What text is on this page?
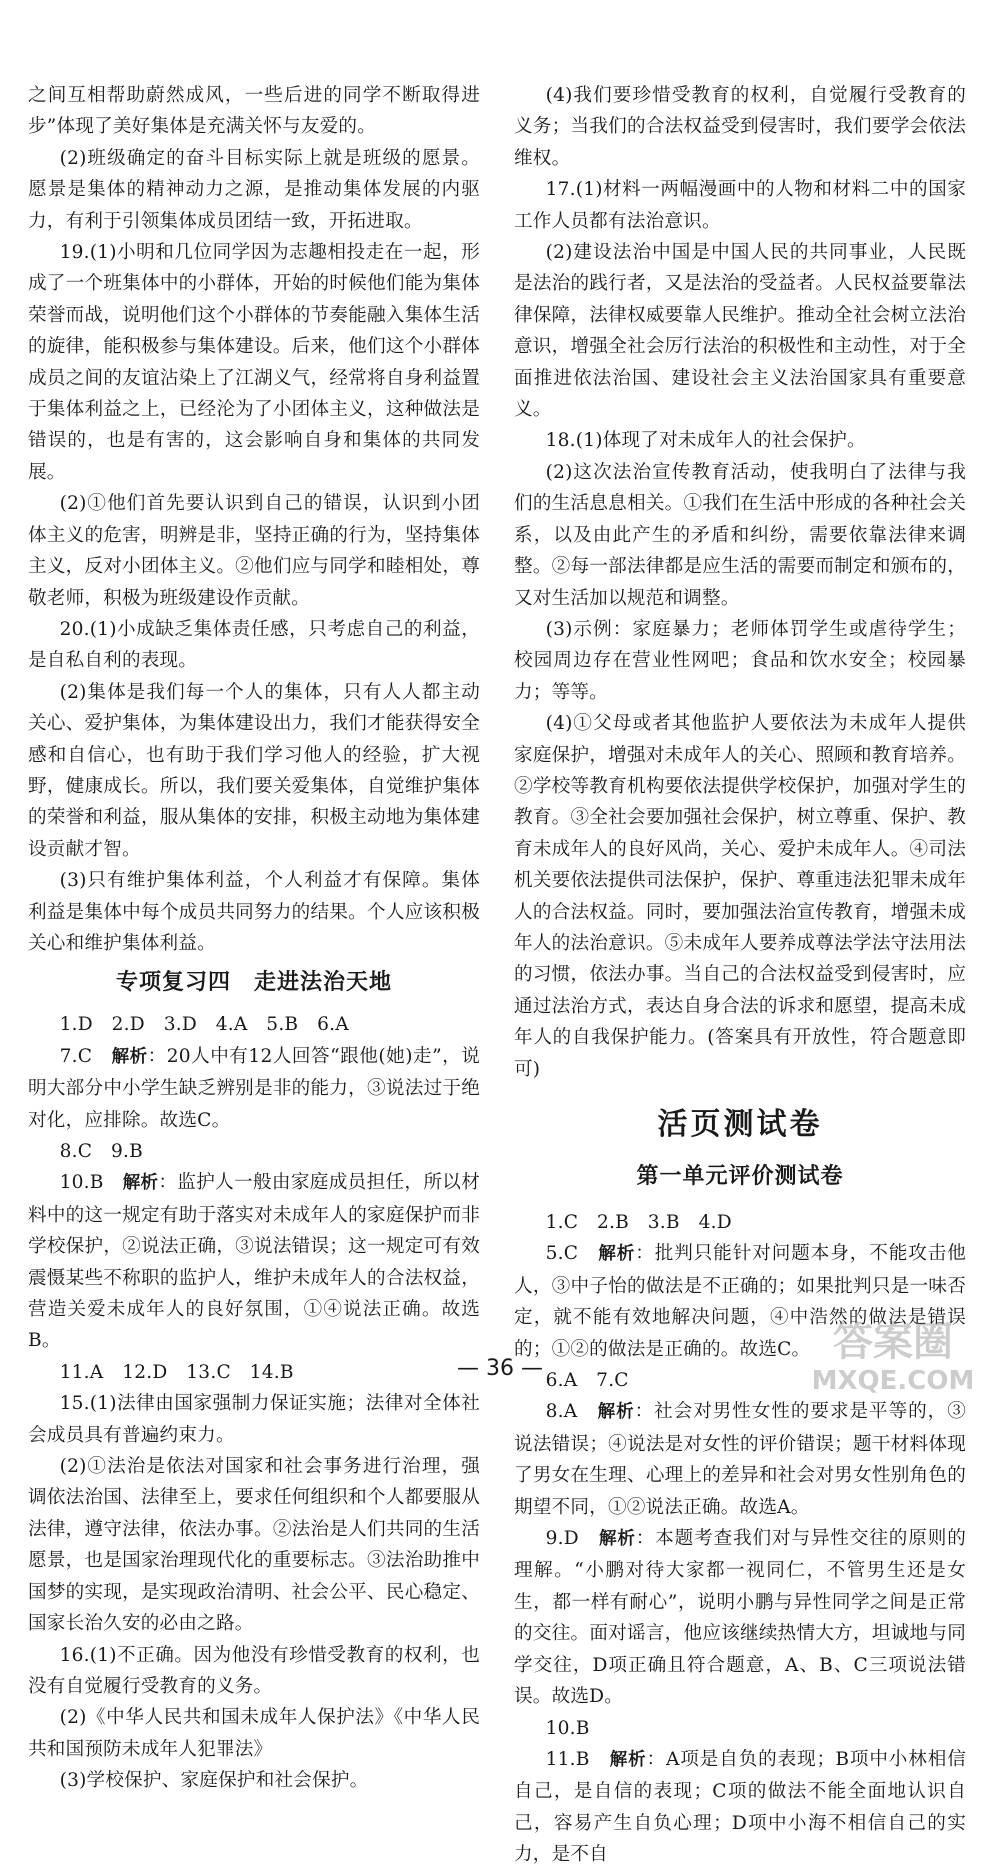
之间互相帮助蔚然成风，一些后进的同学不断取得进步”体现了美好集体是充满关怀与友爱的。

(2)班级确定的奋斗目标实际上就是班级的愿景。愿景是集体的精神动力之源，是推动集体发展的内驱力，有利于引领集体成员团结一致，开拓进取。

19.(1)小明和几位同学因为志趣相投走在一起，形成了一个班集体中的小群体，开始的时候他们能为集体荣誉而战，说明他们这个小群体的节奏能融入集体生活的旋律，能积极参与集体建设。后来，他们这个小群体成员之间的友谊沾染上了江湖义气，经常将自身利益置于集体利益之上，已经沦为了小团体主义，这种做法是错误的，也是有害的，这会影响自身和集体的共同发展。

(2)①他们首先要认识到自己的错误，认识到小团体主义的危害，明辨是非，坚持正确的行为，坚持集体主义，反对小团体主义。②他们应与同学和睦相处，尊敬老师，积极为班级建设作贡献。

20.(1)小成缺乏集体责任感，只考虑自己的利益，是自私自利的表现。

(2)集体是我们每一个人的集体，只有人人都主动关心、爱护集体，为集体建设出力，我们才能获得安全感和自信心，也有助于我们学习他人的经验，扩大视野，健康成长。所以，我们要关爱集体，自觉维护集体的荣誉和利益，服从集体的安排，积极主动地为集体建设贡献才智。

(3)只有维护集体利益，个人利益才有保障。集体利益是集体中每个成员共同努力的结果。个人应该积极关心和维护集体利益。

专项复习四　走进法治天地

1.D　2.D　3.D　4.A　5.B　6.A

7.C　解析：20人中有12人回答“跟他(她)走”，说明大部分中小学生缺乏辨别是非的能力，③说法过于绝对化，应排除。故选C。

8.C　9.B

10.B　解析：监护人一般由家庭成员担任，所以材料中的这一规定有助于落实对未成年人的家庭保护而非学校保护，②说法正确，③说法错误；这一规定可有效震慑某些不称职的监护人，维护未成年人的合法权益，营造关爱未成年人的良好氛围，①④说法正确。故选B。

11.A　12.D　13.C　14.B

15.(1)法律由国家强制力保证实施；法律对全体社会成员具有普遍约束力。

(2)①法治是依法对国家和社会事务进行治理，强调依法治国、法律至上，要求任何组织和个人都要服从法律，遵守法律，依法办事。②法治是人们共同的生活愿景，也是国家治理现代化的重要标志。③法治助推中国梦的实现，是实现政治清明、社会公平、民心稳定、国家长治久安的必由之路。

16.(1)不正确。因为他没有珍惜受教育的权利，也没有自觉履行受教育的义务。

(2)《中华人民共和国未成年人保护法》《中华人民共和国预防未成年人犯罪法》

(3)学校保护、家庭保护和社会保护。

(4)我们要珍惜受教育的权利，自觉履行受教育的义务；当我们的合法权益受到侵害时，我们要学会依法维权。

17.(1)材料一两幅漫画中的人物和材料二中的国家工作人员都有法治意识。

(2)建设法治中国是中国人民的共同事业，人民既是法治的践行者，又是法治的受益者。人民权益要靠法律保障，法律权威要靠人民维护。推动全社会树立法治意识，增强全社会厉行法治的积极性和主动性，对于全面推进依法治国、建设社会主义法治国家具有重要意义。

18.(1)体现了对未成年人的社会保护。

(2)这次法治宣传教育活动，使我明白了法律与我们的生活息息相关。①我们在生活中形成的各种社会关系，以及由此产生的矛盾和纠纷，需要依靠法律来调整。②每一部法律都是应生活的需要而制定和颁布的，又对生活加以规范和调整。

(3)示例：家庭暴力；老师体罚学生或虐待学生；校园周边存在营业性网吧；食品和饮水安全；校园暴力；等等。

(4)①父母或者其他监护人要依法为未成年人提供家庭保护，增强对未成年人的关心、照顾和教育培养。②学校等教育机构要依法提供学校保护，加强对学生的教育。③全社会要加强社会保护，树立尊重、保护、教育未成年人的良好风尚，关心、爱护未成年人。④司法机关要依法提供司法保护，保护、尊重违法犯罪未成年人的合法权益。同时，要加强法治宣传教育，增强未成年人的法治意识。⑤未成年人要养成尊法学法守法用法的习惯，依法办事。当自己的合法权益受到侵害时，应通过法治方式，表达自身合法的诉求和愿望，提高未成年人的自我保护能力。(答案具有开放性，符合题意即可)

活页测试卷
第一单元评价测试卷

1.C　2.B　3.B　4.D

5.C　解析：批判只能针对问题本身，不能攻击他人，③中子怡的做法是不正确的；如果批判只是一味否定，就不能有效地解决问题，④中浩然的做法是错误的；①②的做法是正确的。故选C。

6.A　7.C

8.A　解析：社会对男性女性的要求是平等的，③说法错误；④说法是对女性的评价错误；题干材料体现了男女在生理、心理上的差异和社会对男女性别角色的期望不同，①②说法正确。故选A。

9.D　解析：本题考查我们对与异性交往的原则的理解。“小鹏对待大家都一视同仁，不管男生还是女生，都一样有耐心”，说明小鹏与异性同学之间是正常的交往。面对谣言，他应该继续热情大方，坦诚地与同学交往，D项正确且符合题意，A、B、C三项说法错误。故选D。

10.B

11.B　解析：A项是自负的表现；B项中小林相信自己，是自信的表现；C项的做法不能全面地认识自己，容易产生自负心理；D项中小海不相信自己的实力，是不自

— 36 —
答案圈
MXQE.COM
